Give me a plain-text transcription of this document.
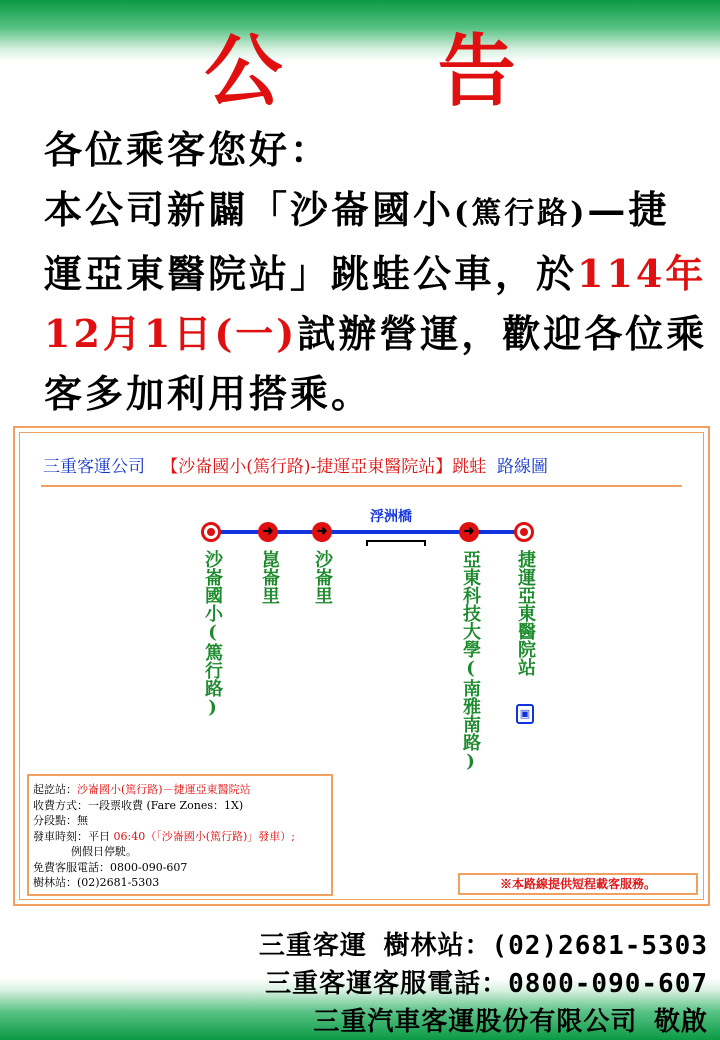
公 告
各位乘客您好：
本公司新闢「沙崙國小(篤行路)—捷
運亞東醫院站」跳蛙公車，於114年
12月1日(一)試辦營運，歡迎各位乘
客多加利用搭乘。
三重客運公司 【沙崙國小(篤行路)-捷運亞東醫院站】跳蛙 路線圖
浮洲橋
➜	➜	➜
沙崙國小(篤行路) 崑崙里 沙崙里	亞東科技大學(南雅南路) 捷運亞東醫院站
▣
起訖站：沙崙國小(篤行路)－捷運亞東醫院站
收費方式：一段票收費 (Fare Zones：1X)
分段點：無
發車時刻：平日 06:40（「沙崙國小(篤行路)」發車）;
例假日停駛。
免費客服電話：0800-090-607
樹林站：(02)2681-5303	※本路線提供短程載客服務。
三重客運 樹林站：(02)2681-5303
三重客運客服電話：0800-090-607
三重汽車客運股份有限公司 敬啟
